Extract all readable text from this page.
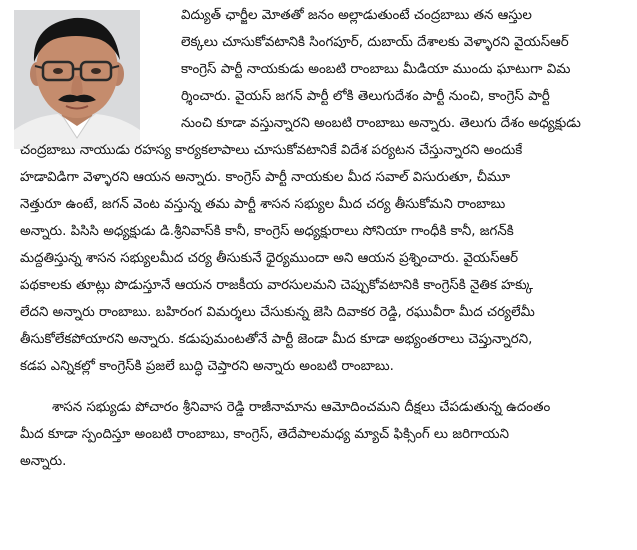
విద్యుత్ ఛార్జీల మోతతో జనం అల్లాడుతుంటే చంద్రబాబు తన ఆస్తుల
లెక్కలు చూసుకోవటానికి సింగపూర్, దుబాయ్ దేశాలకు వెళ్ళారని వైయస్ఆర్
కాంగ్రెస్ పార్టీ నాయకుడు అంబటి రాంబాబు మీడియా ముందు ఘాటుగా విమ
ర్శించారు. వైయస్ జగన్ పార్టీ లోకి తెలుగుదేశం పార్టీ నుంచి, కాంగ్రెస్ పార్టీ
నుంచి కూడా వస్తున్నారని అంబటి రాంబాబు అన్నారు. తెలుగు దేశం అధ్యక్షుడు
చంద్రబాబు నాయుడు రహస్య కార్యకలాపాలు చూసుకోవటానికే విదేశ పర్యటన చేస్తున్నారని అందుకే
హడావిడిగా వెళ్ళారని ఆయన అన్నారు. కాంగ్రెస్ పార్టీ నాయకుల మీద సవాల్ విసురుతూ, చీమూ
నెత్తురూ ఉంటే, జగన్ వెంట వస్తున్న తమ పార్టీ శాసన సభ్యుల మీద చర్య తీసుకోమని రాంబాబు
అన్నారు. పిసిసి అధ్యక్షుడు డి.శ్రీనివాస్‌కి కానీ, కాంగ్రెస్ అధ్యక్షురాలు సోనియా గాంధీకి కానీ, జగన్‌కి
మద్దతిస్తున్న శాసన సభ్యులమీద చర్య తీసుకునే ధైర్యముందా అని ఆయన ప్రశ్నించారు. వైయస్ఆర్
పథకాలకు తూట్లు పొడుస్తూనే ఆయన రాజకీయ వారసులమని చెప్పుకోవటానికి కాంగ్రెస్‌కి నైతిక హక్కు
లేదని అన్నారు రాంబాబు. బహిరంగ విమర్శలు చేసుకున్న జెసి దివాకర రెడ్డి, రఘువీరా మీద చర్యలేమీ
తీసుకోలేకపోయారని అన్నారు. కడుపుమంటతోనే పార్టీ జెండా మీద కూడా అభ్యంతరాలు చెప్తున్నారని,
కడప ఎన్నికల్లో కాంగ్రెస్‌కి ప్రజలే బుద్ధి చెప్తారని అన్నారు అంబటి రాంబాబు.
శాసన సభ్యుడు పోచారం శ్రీనివాస రెడ్డి రాజీనామాను ఆమోదించమని దీక్షలు చేపడుతున్న ఉదంతం
మీద కూడా స్పందిస్తూ అంబటి రాంబాబు, కాంగ్రెస్, తెదేపాలమధ్య మ్యాచ్ ఫిక్సింగ్ లు జరిగాయని
అన్నారు.
